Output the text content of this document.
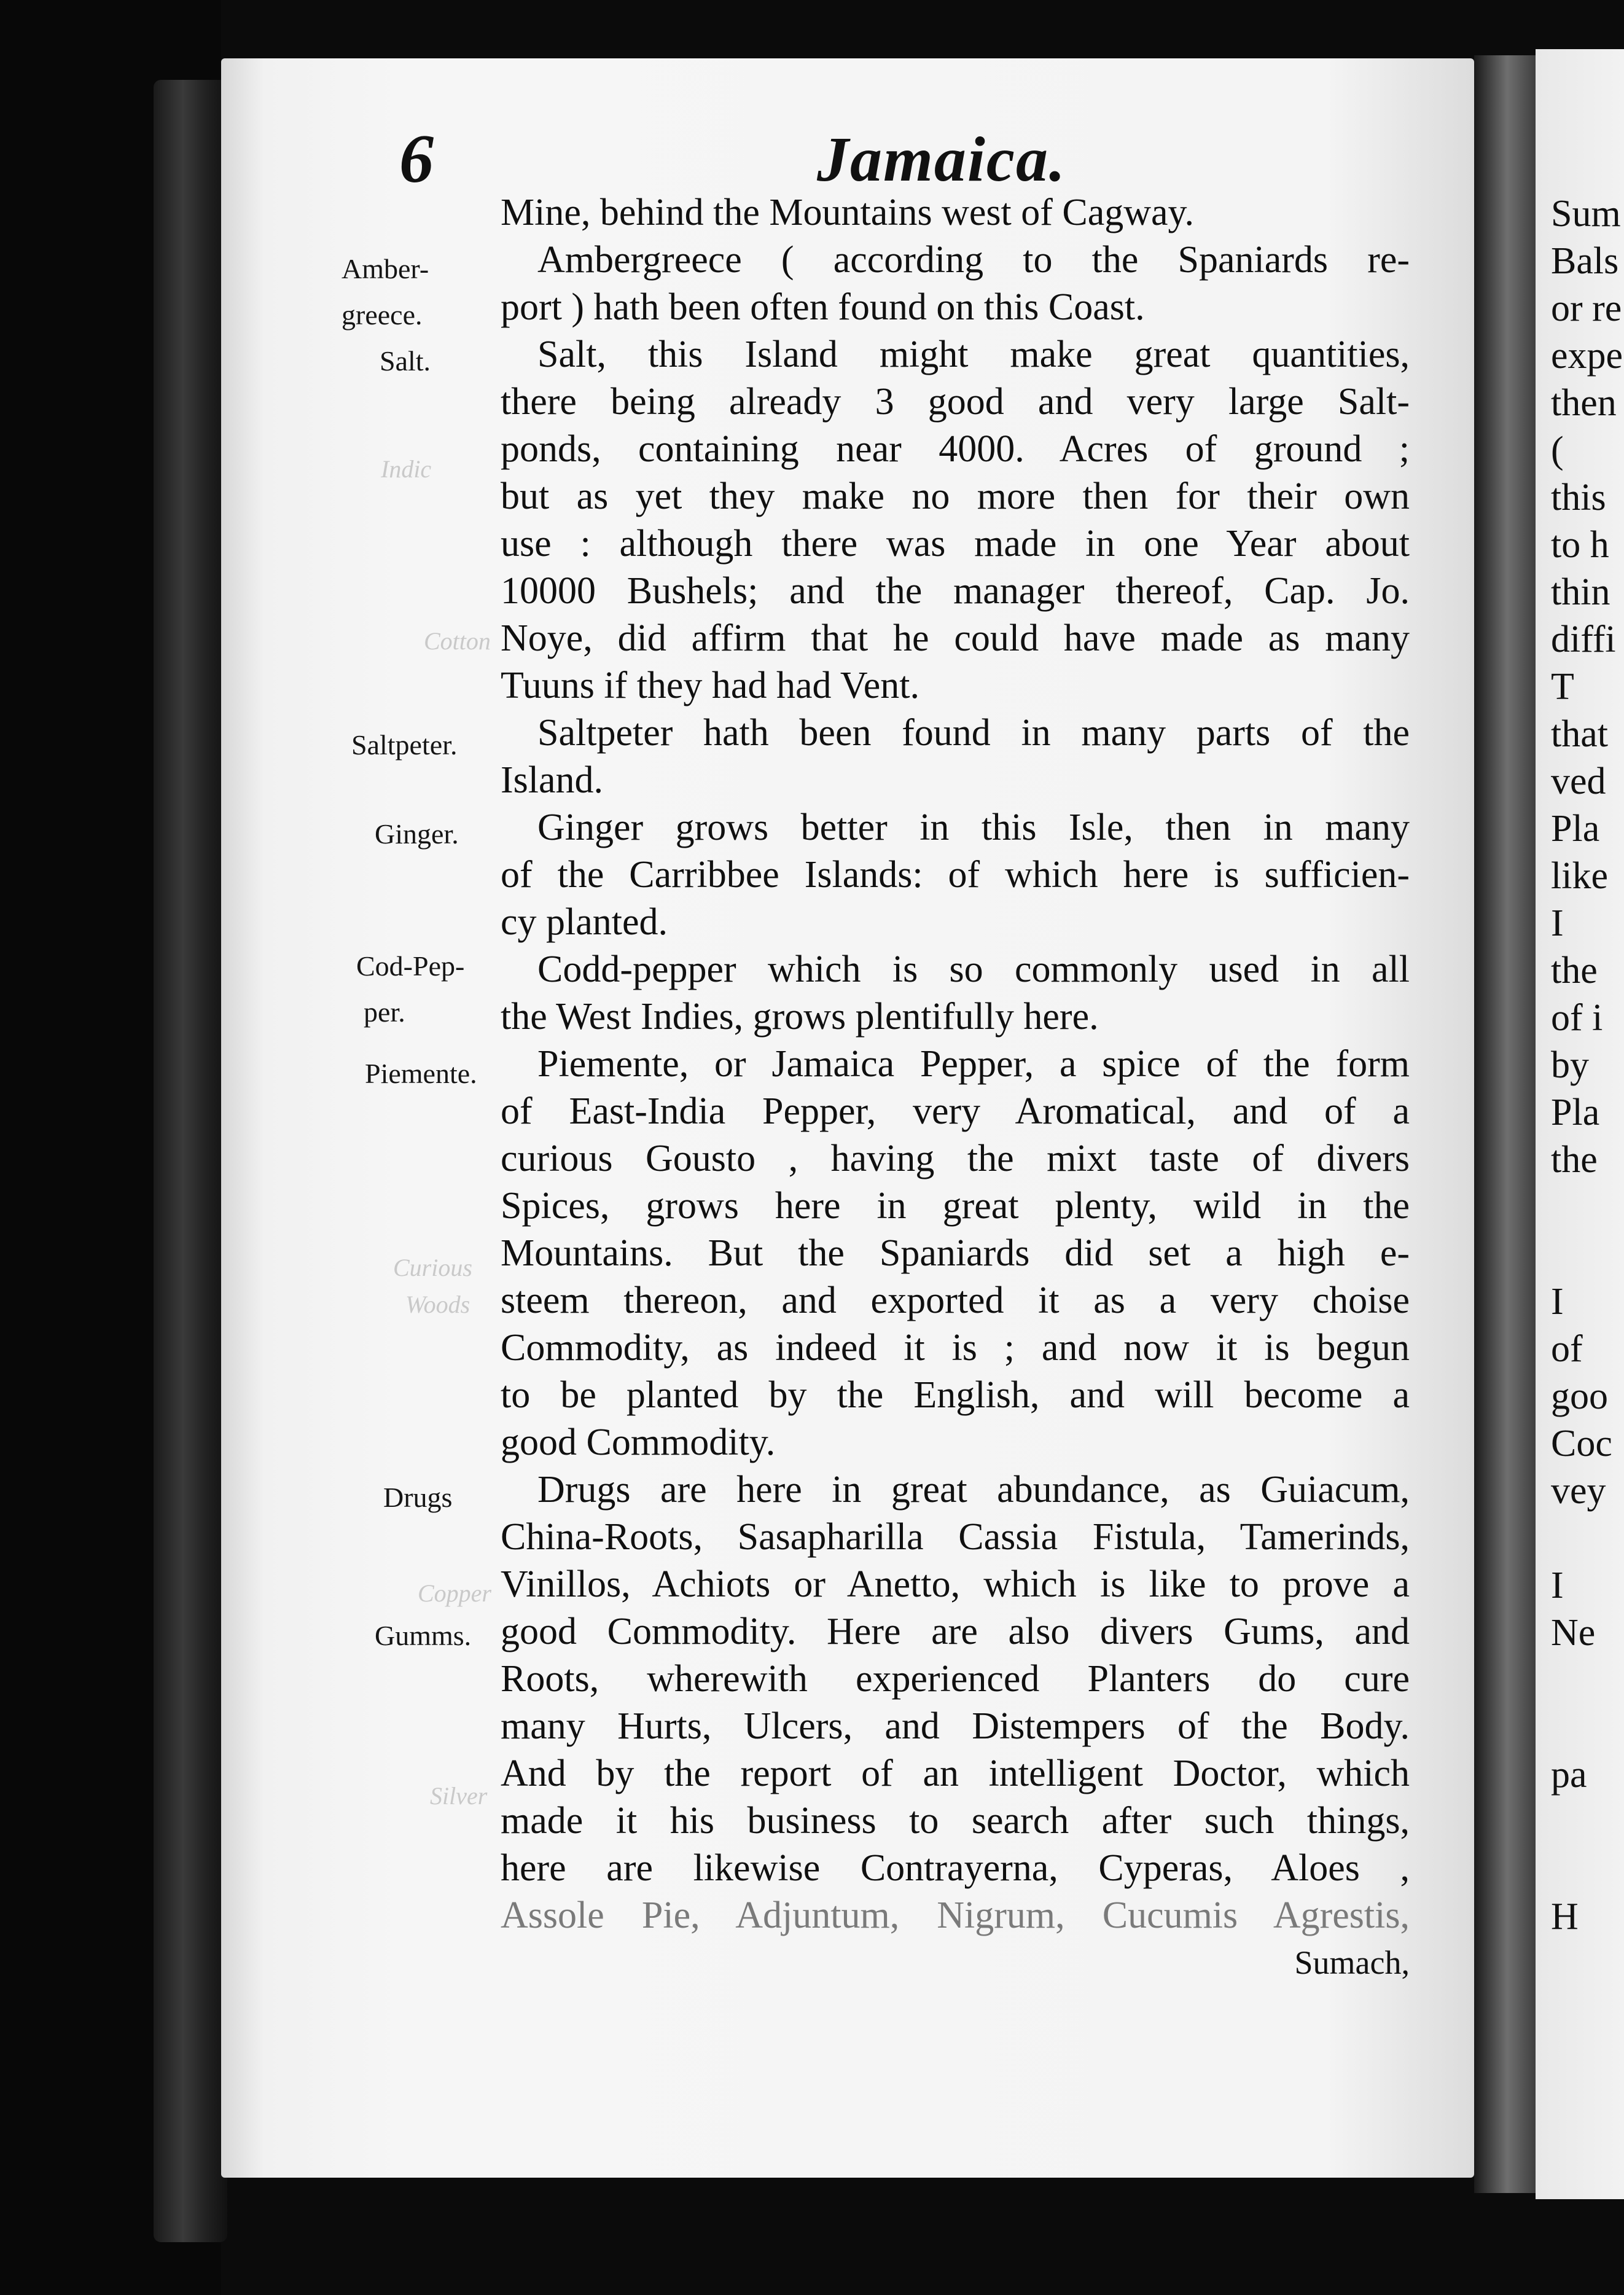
Indic
Cotton
Curious
Woods
Copper
Silver
6	Jamaica.
Amber-
greece.
Salt.
Saltpeter.
Ginger.
Cod-Pep-
per.
Piemente.
Drugs
Gumms.
Mine, behind the Mountains west of Cagway.
Ambergreece ( according to the Spaniards re-
port ) hath been often found on this Coast.
Salt, this Island might make great quantities,
there being already 3 good and very large Salt-
ponds, containing near 4000. Acres of ground ;
but as yet they make no more then for their own
use : although there was made in one Year about
10000 Bushels; and the manager thereof, Cap. Jo.
Noye, did affirm that he could have made as many
Tuuns if they had had Vent.
Saltpeter hath been found in many parts of the
Island.
Ginger grows better in this Isle, then in many
of the Carribbee Islands: of which here is sufficien-
cy planted.
Codd-pepper which is so commonly used in all
the West Indies, grows plentifully here.
Piemente, or Jamaica Pepper, a spice of the form
of East-India Pepper, very Aromatical, and of a
curious Gousto , having the mixt taste of divers
Spices, grows here in great plenty, wild in the
Mountains. But the Spaniards did set a high e-
steem thereon, and exported it as a very choise
Commodity, as indeed it is ; and now it is begun
to be planted by the English, and will become a
good Commodity.
Drugs are here in great abundance, as Guiacum,
China-Roots, Sasapharilla Cassia Fistula, Tamerinds,
Vinillos, Achiots or Anetto, which is like to prove a
good Commodity. Here are also divers Gums, and
Roots, wherewith experienced Planters do cure
many Hurts, Ulcers, and Distempers of the Body.
And by the report of an intelligent Doctor, which
made it his business to search after such things,
here are likewise Contrayerna, Cyperas, Aloes ,
Assole Pie, Adjuntum, Nigrum, Cucumis Agrestis,
Sumach,
Sum
Bals
or re
expe
then
(
this
to h
thin
diffi
T
that
ved
Pla
like
I
the
of i
by
Pla
the
I
of
goo
Coc
vey
I
Ne
pa
H
